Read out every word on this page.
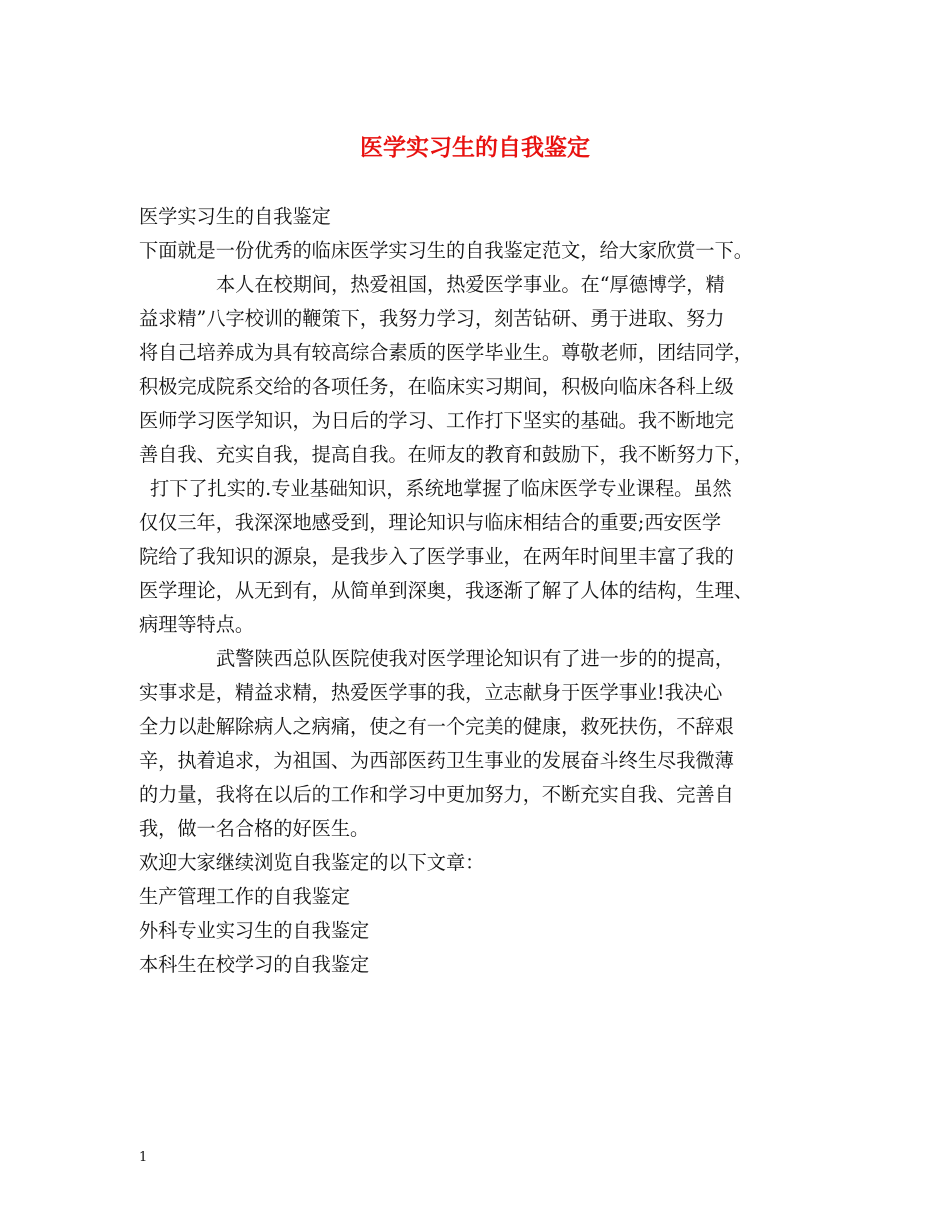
医学实习生的自我鉴定
医学实习生的自我鉴定
下面就是一份优秀的临床医学实习生的自我鉴定范文，给大家欣赏一下。
本人在校期间，热爱祖国，热爱医学事业。在“厚德博学，精
益求精”八字校训的鞭策下，我努力学习，刻苦钻研、勇于进取、努力
将自己培养成为具有较高综合素质的医学毕业生。尊敬老师，团结同学，
积极完成院系交给的各项任务，在临床实习期间，积极向临床各科上级
医师学习医学知识，为日后的学习、工作打下坚实的基础。我不断地完
善自我、充实自我，提高自我。在师友的教育和鼓励下，我不断努力下，
打下了扎实的.专业基础知识，系统地掌握了临床医学专业课程。虽然
仅仅三年，我深深地感受到，理论知识与临床相结合的重要;西安医学
院给了我知识的源泉，是我步入了医学事业，在两年时间里丰富了我的
医学理论，从无到有，从简单到深奥，我逐渐了解了人体的结构，生理、
病理等特点。
武警陕西总队医院使我对医学理论知识有了进一步的的提高，
实事求是，精益求精，热爱医学事的我，立志献身于医学事业!我决心
全力以赴解除病人之病痛，使之有一个完美的健康，救死扶伤，不辞艰
辛，执着追求，为祖国、为西部医药卫生事业的发展奋斗终生尽我微薄
的力量，我将在以后的工作和学习中更加努力，不断充实自我、完善自
我，做一名合格的好医生。
欢迎大家继续浏览自我鉴定的以下文章：
生产管理工作的自我鉴定
外科专业实习生的自我鉴定
本科生在校学习的自我鉴定
1
